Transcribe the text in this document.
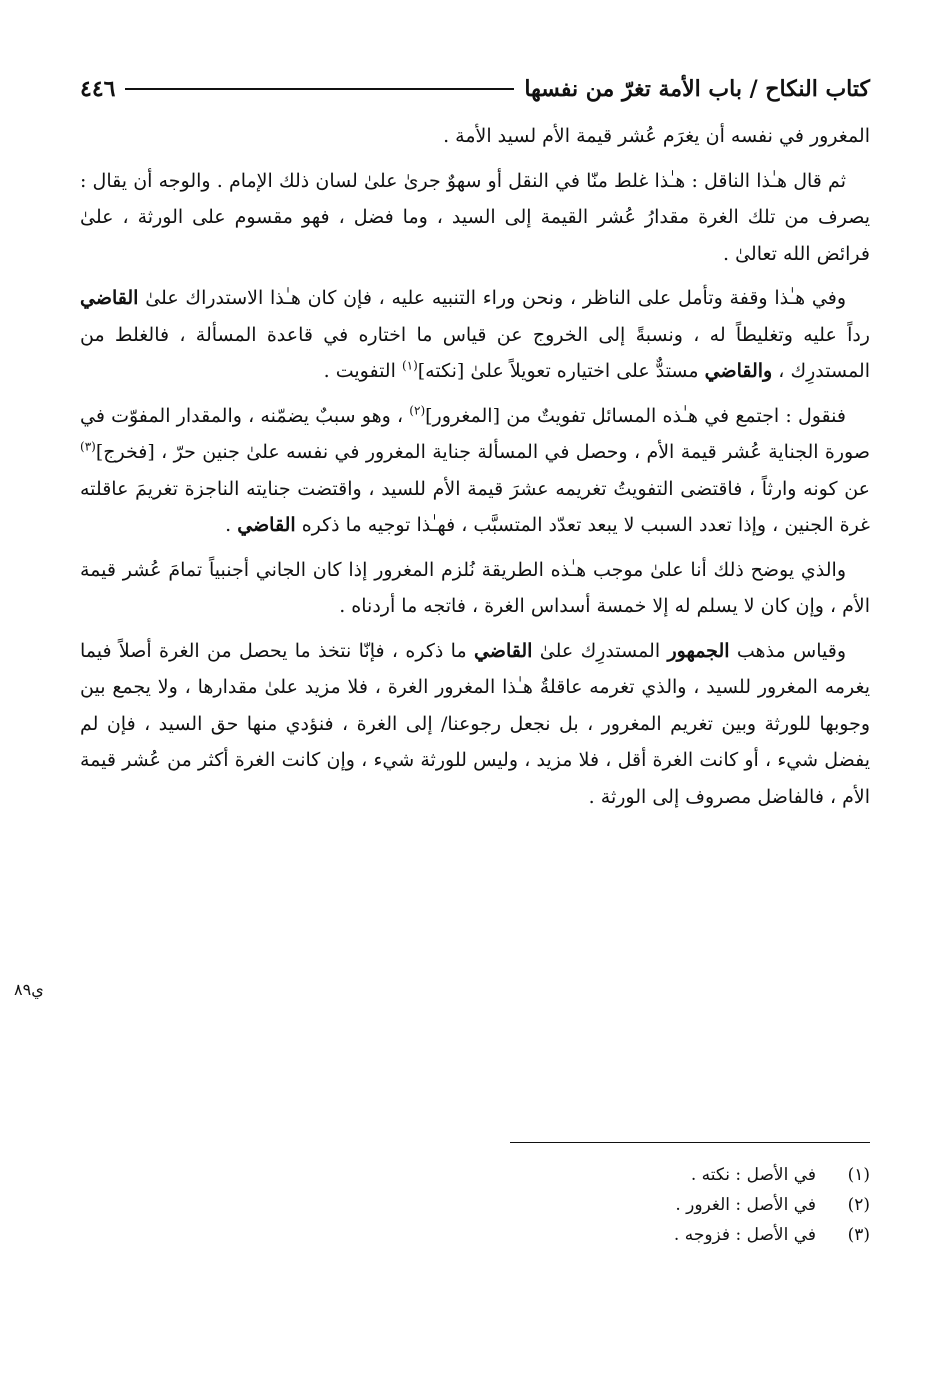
كتاب النكاح / باب الأمة تغرّ من نفسها
٤٤٦

المغرور في نفسه أن يغرَم عُشر قيمة الأم لسيد الأمة .

ثم قال هـٰذا الناقل : هـٰذا غلط منّا في النقل أو سهوٌ جرىٰ علىٰ لسان ذلك الإمام . والوجه أن يقال : يصرف من تلك الغرة مقدارُ عُشر القيمة إلى السيد ، وما فضل ، فهو مقسوم على الورثة ، علىٰ فرائض الله تعالىٰ .

وفي هـٰذا وقفة وتأمل على الناظر ، ونحن وراء التنبيه عليه ، فإن كان هـٰذا الاستدراك علىٰ القاضي رداً عليه وتغليطاً له ، ونسبةً إلى الخروج عن قياس ما اختاره في قاعدة المسألة ، فالغلط من المستدرِك ، والقاضي مستدٌّ على اختياره تعويلاً علىٰ [نكته]$^{(١)}$ التفويت .

فنقول : اجتمع في هـٰذه المسائل تفويتٌ من [المغرور]$^{(٢)}$ ، وهو سببٌ يضمّنه ، والمقدار المفوّت في صورة الجناية عُشر قيمة الأم ، وحصل في المسألة جناية المغرور في نفسه علىٰ جنين حرّ ، [فخرج]$^{(٣)}$ عن كونه وارثاً ، فاقتضى التفويتُ تغريمه عشرَ قيمة الأم للسيد ، واقتضت جنايته الناجزة تغريمَ عاقلته غرة الجنين ، وإذا تعدد السبب لا يبعد تعدّد المتسبَّب ، فهـٰذا توجيه ما ذكره القاضي .

والذي يوضح ذلك أنا علىٰ موجب هـٰذه الطريقة نُلزم المغرور إذا كان الجاني أجنبياً تمامَ عُشر قيمة الأم ، وإن كان لا يسلم له إلا خمسة أسداس الغرة ، فاتجه ما أردناه .

وقياس مذهب الجمهور المستدرِك علىٰ القاضي ما ذكره ، فإنّا نتخذ ما يحصل من الغرة أصلاً فيما يغرمه المغرور للسيد ، والذي تغرمه عاقلةُ هـٰذا المغرور الغرة ، فلا مزيد علىٰ مقدارها ، ولا يجمع بين وجوبها للورثة وبين تغريم المغرور ، بل نجعل رجوعنا/ إلى الغرة ، فنؤدي منها حق السيد ، فإن لم يفضل شيء ، أو كانت الغرة أقل ، فلا مزيد ، وليس للورثة شيء ، وإن كانت الغرة أكثر من عُشر قيمة الأم ، فالفاضل مصروف إلى الورثة .

ي٨٩
(١)
في الأصل : نكته .
(٢)
في الأصل : الغرور .
(٣)
في الأصل : فزوجه .
